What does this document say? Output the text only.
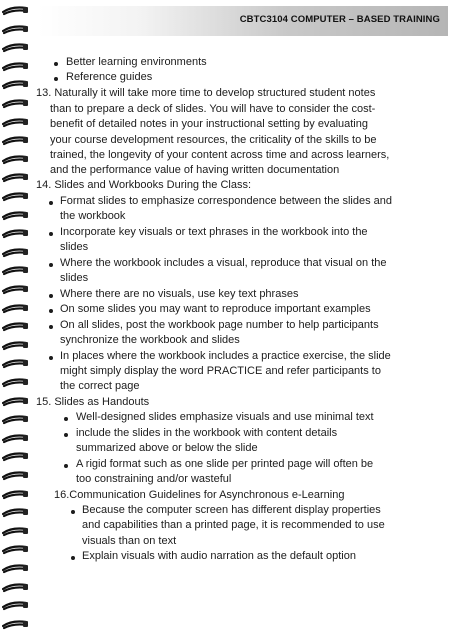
CBTC3104 COMPUTER – BASED TRAINING
Better learning environments
Reference guides
13. Naturally it will take more time to develop structured student notes
than to prepare a deck of slides. You will have to consider the cost-
benefit of detailed notes in your instructional setting by evaluating
your course development resources, the criticality of the skills to be
trained, the longevity of your content across time and across learners,
and the performance value of having written documentation
14. Slides and Workbooks During the Class:
Format slides to emphasize correspondence between the slides and
the workbook
Incorporate key visuals or text phrases in the workbook into the
slides
Where the workbook includes a visual, reproduce that visual on the
slides
Where there are no visuals, use key text phrases
On some slides you may want to reproduce important examples
On all slides, post the workbook page number to help participants
synchronize the workbook and slides
In places where the workbook includes a practice exercise, the slide
might simply display the word PRACTICE and refer participants to
the correct page
15. Slides as Handouts
Well-designed slides emphasize visuals and use minimal text
include the slides in the workbook with content details
summarized above or below the slide
A rigid format such as one slide per printed page will often be
too constraining and/or wasteful
16.Communication Guidelines for Asynchronous e-Learning
Because the computer screen has different display properties
and capabilities than a printed page, it is recommended to use
visuals than on text
Explain visuals with audio narration as the default option
